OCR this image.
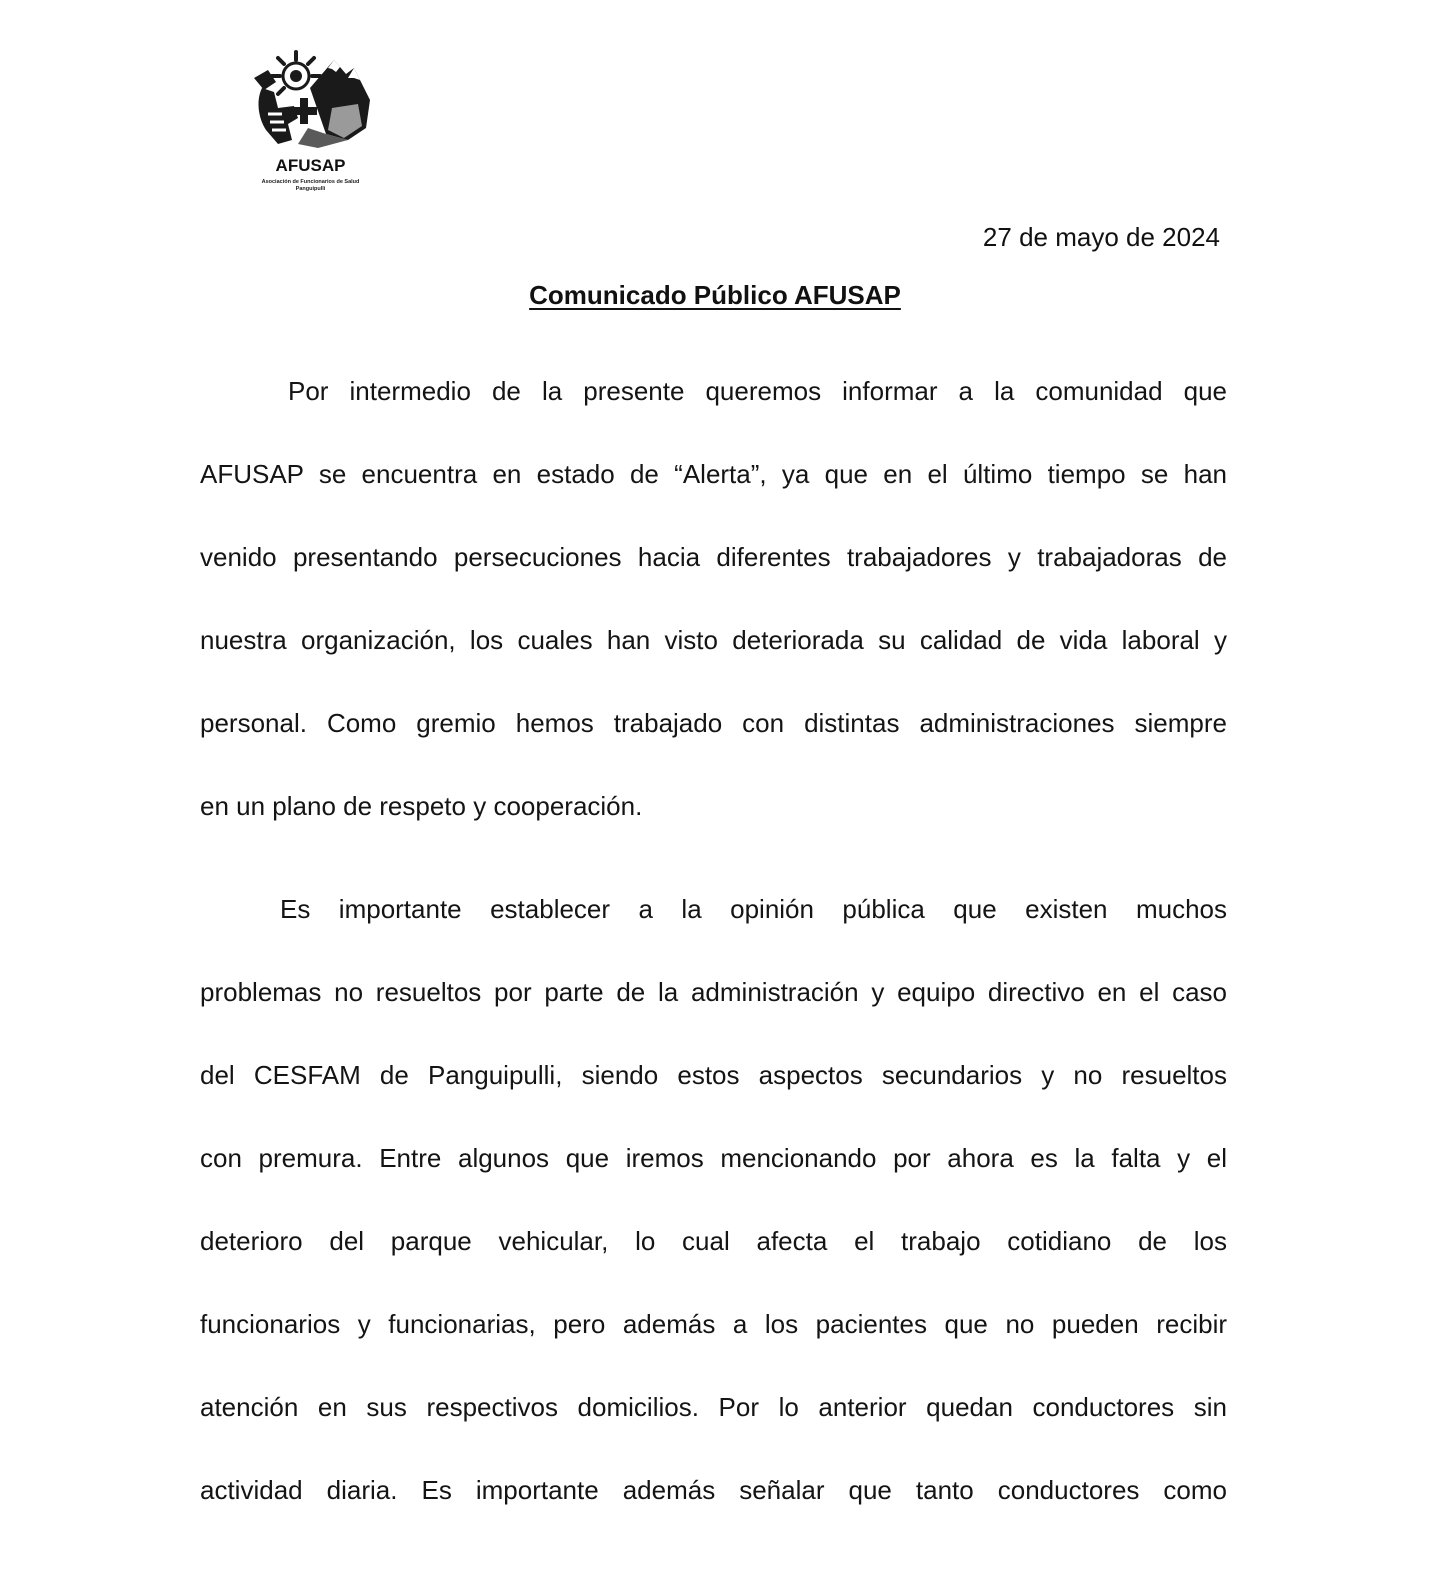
AFUSAP
Asociación de Funcionarios de Salud
Panguipulli
27 de mayo de 2024
Comunicado Público AFUSAP
Por intermedio de la presente queremos informar a la comunidad que
AFUSAP se encuentra en estado de “Alerta”, ya que en el último tiempo se han
venido presentando persecuciones hacia diferentes trabajadores y trabajadoras de
nuestra organización, los cuales han visto deteriorada su calidad de vida laboral y
personal. Como gremio hemos trabajado con distintas administraciones siempre
en un plano de respeto y cooperación.
Es importante establecer a la opinión pública que existen muchos
problemas no resueltos por parte de la administración y equipo directivo en el caso
del CESFAM de Panguipulli, siendo estos aspectos secundarios y no resueltos
con premura. Entre algunos que iremos mencionando por ahora es la falta y el
deterioro del parque vehicular, lo cual afecta el trabajo cotidiano de los
funcionarios y funcionarias, pero además a los pacientes que no pueden recibir
atención en sus respectivos domicilios. Por lo anterior quedan conductores sin
actividad diaria. Es importante además señalar que tanto conductores como
